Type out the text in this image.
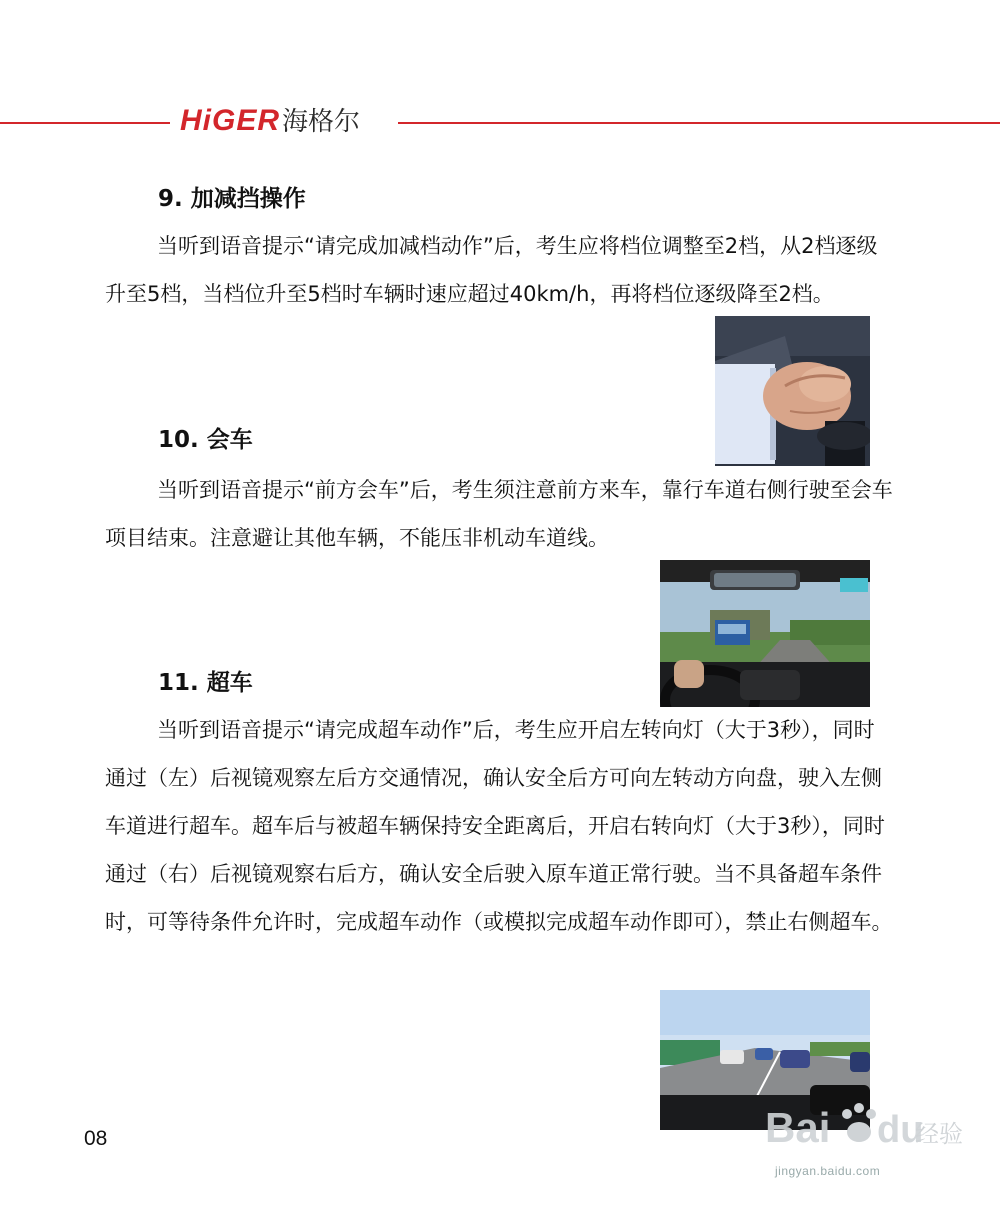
HiGER 海格尔
9. 加减挡操作

当听到语音提示“请完成加减档动作”后，考生应将档位调整至2档，从2档逐级升至5档，当档位升至5档时车辆时速应超过40km/h，再将档位逐级降至2档。

10. 会车

当听到语音提示“前方会车”后，考生须注意前方来车，靠行车道右侧行驶至会车项目结束。注意避让其他车辆，不能压非机动车道线。

11. 超车

当听到语音提示“请完成超车动作”后，考生应开启左转向灯（大于3秒），同时通过（左）后视镜观察左后方交通情况，确认安全后方可向左转动方向盘，驶入左侧车道进行超车。超车后与被超车辆保持安全距离后，开启右转向灯（大于3秒），同时通过（右）后视镜观察右后方，确认安全后驶入原车道正常行驶。当不具备超车条件时，可等待条件允许时，完成超车动作（或模拟完成超车动作即可），禁止右侧超车。

08	Bai du
经验
jingyan.baidu.com
